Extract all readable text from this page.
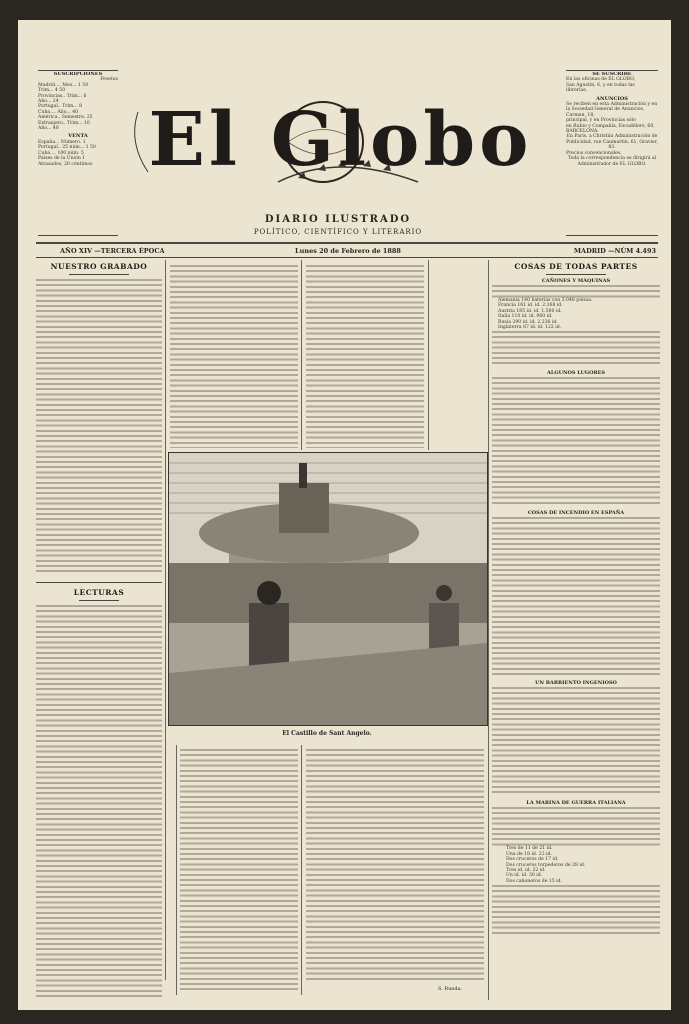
SUSCRIPCIONES
Pesetas
Madrid.... Mes... 1 50
Trim... 4 50
Provincias.. Trim... 6
Año... 24
Portugal.. Trim... 8
Cuba.... Año... 40
América.. Semestre. 25
Extranjero.. Trim... 10
Año... 40
VENTA
España... Número. 1
Portugal.. 25 núm... 1 50
Cuba.... 100 núm. 5
Países de la Unión 1
Atrasados, 20 céntimos
SE SUSCRIBE
En las oficinas de EL GLOBO,
San Agustín, 6, y en todas las
librerías.
ANUNCIOS
Se reciben en esta Administración y en la Sociedad General de Anuncios, Carmen, 18,
principal, y en Provincias sólo
en Rubio y Compañía, Escudillers, 60,
BARCELONA.
En París, a Christini Administración de Publicidad, rue Caumartin, 61, Gravier, 83.
Precios convencionales.
Toda la correspondencia se dirigirá al Administrador de EL GLOBO.
El Globo
DIARIO ILUSTRADO
POLÍTICO, CIENTÍFICO Y LITERARIO
AÑO XIV —TERCERA ÉPOCA	Lunes 20 de Febrero de 1888	MADRID —NÚM 4.493
NUESTRO GRABADO
LECTURAS
El Castillo de Sant Angelo.
S. Rueda.
COSAS DE TODAS PARTES
CAÑONES Y MÁQUINAS
Alemania 140 baterías con 3.048 piezas.
Francia 161 id. id. 2.168 id.
Austria 185 id. id. 1.580 id.
Italia 110 id. id. 960 id.
Rusia 290 id. id. 2.236 id.
Inglaterra 87 id. id. 122 id.
ALGUNOS LUGORES
COSAS DE INCENDIO EN ESPAÑA
UN BARRIENTO INGENIOSO
LA MARINA DE GUERRA ITALIANA
Tres de 11 de 21 id.
Una de 18 id. 22 id.
Dos cruceros de 17 id.
Dos cruceros torpederos de 28 id.
Tres id. id. 22 id.
Un id. id. 30 id.
Dos cañoneros de 15 id.
